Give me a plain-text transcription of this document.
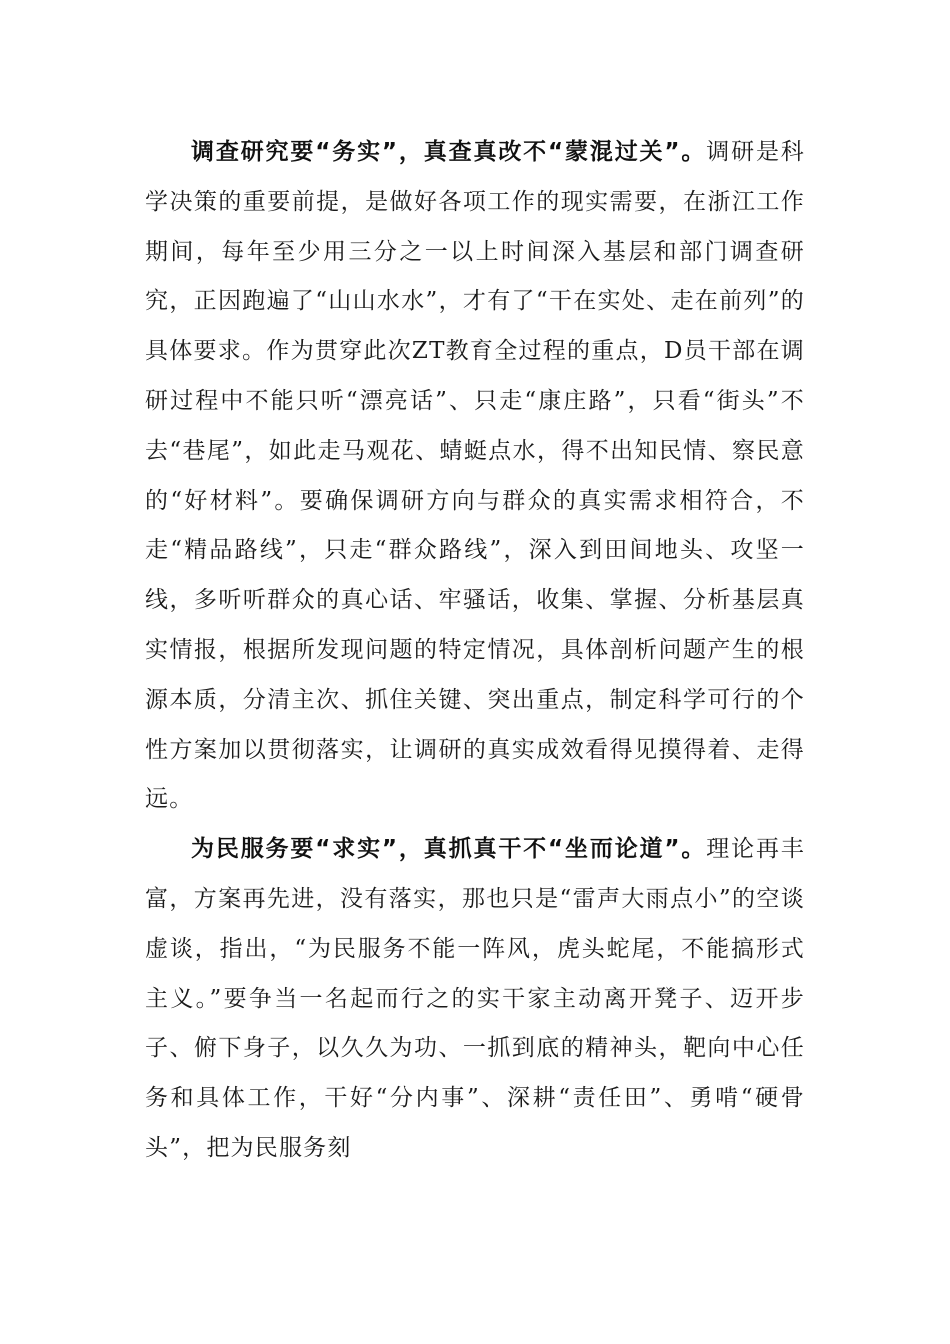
调查研究要“务实”，真查真改不“蒙混过关”。调研是科学决策的重要前提，是做好各项工作的现实需要，在浙江工作期间，每年至少用三分之一以上时间深入基层和部门调查研究，正因跑遍了“山山水水”，才有了“干在实处、走在前列”的具体要求。作为贯穿此次ZT教育全过程的重点，D员干部在调研过程中不能只听“漂亮话”、只走“康庄路”，只看“街头”不去“巷尾”，如此走马观花、蜻蜓点水，得不出知民情、察民意的“好材料”。要确保调研方向与群众的真实需求相符合，不走“精品路线”，只走“群众路线”，深入到田间地头、攻坚一线，多听听群众的真心话、牢骚话，收集、掌握、分析基层真实情报，根据所发现问题的特定情况，具体剖析问题产生的根源本质，分清主次、抓住关键、突出重点，制定科学可行的个性方案加以贯彻落实，让调研的真实成效看得见摸得着、走得远。

为民服务要“求实”，真抓真干不“坐而论道”。理论再丰富，方案再先进，没有落实，那也只是“雷声大雨点小”的空谈虚谈，指出，“为民服务不能一阵风，虎头蛇尾，不能搞形式主义。”要争当一名起而行之的实干家主动离开凳子、迈开步子、俯下身子，以久久为功、一抓到底的精神头，靶向中心任务和具体工作，干好“分内事”、深耕“责任田”、勇啃“硬骨头”，把为民服务刻
